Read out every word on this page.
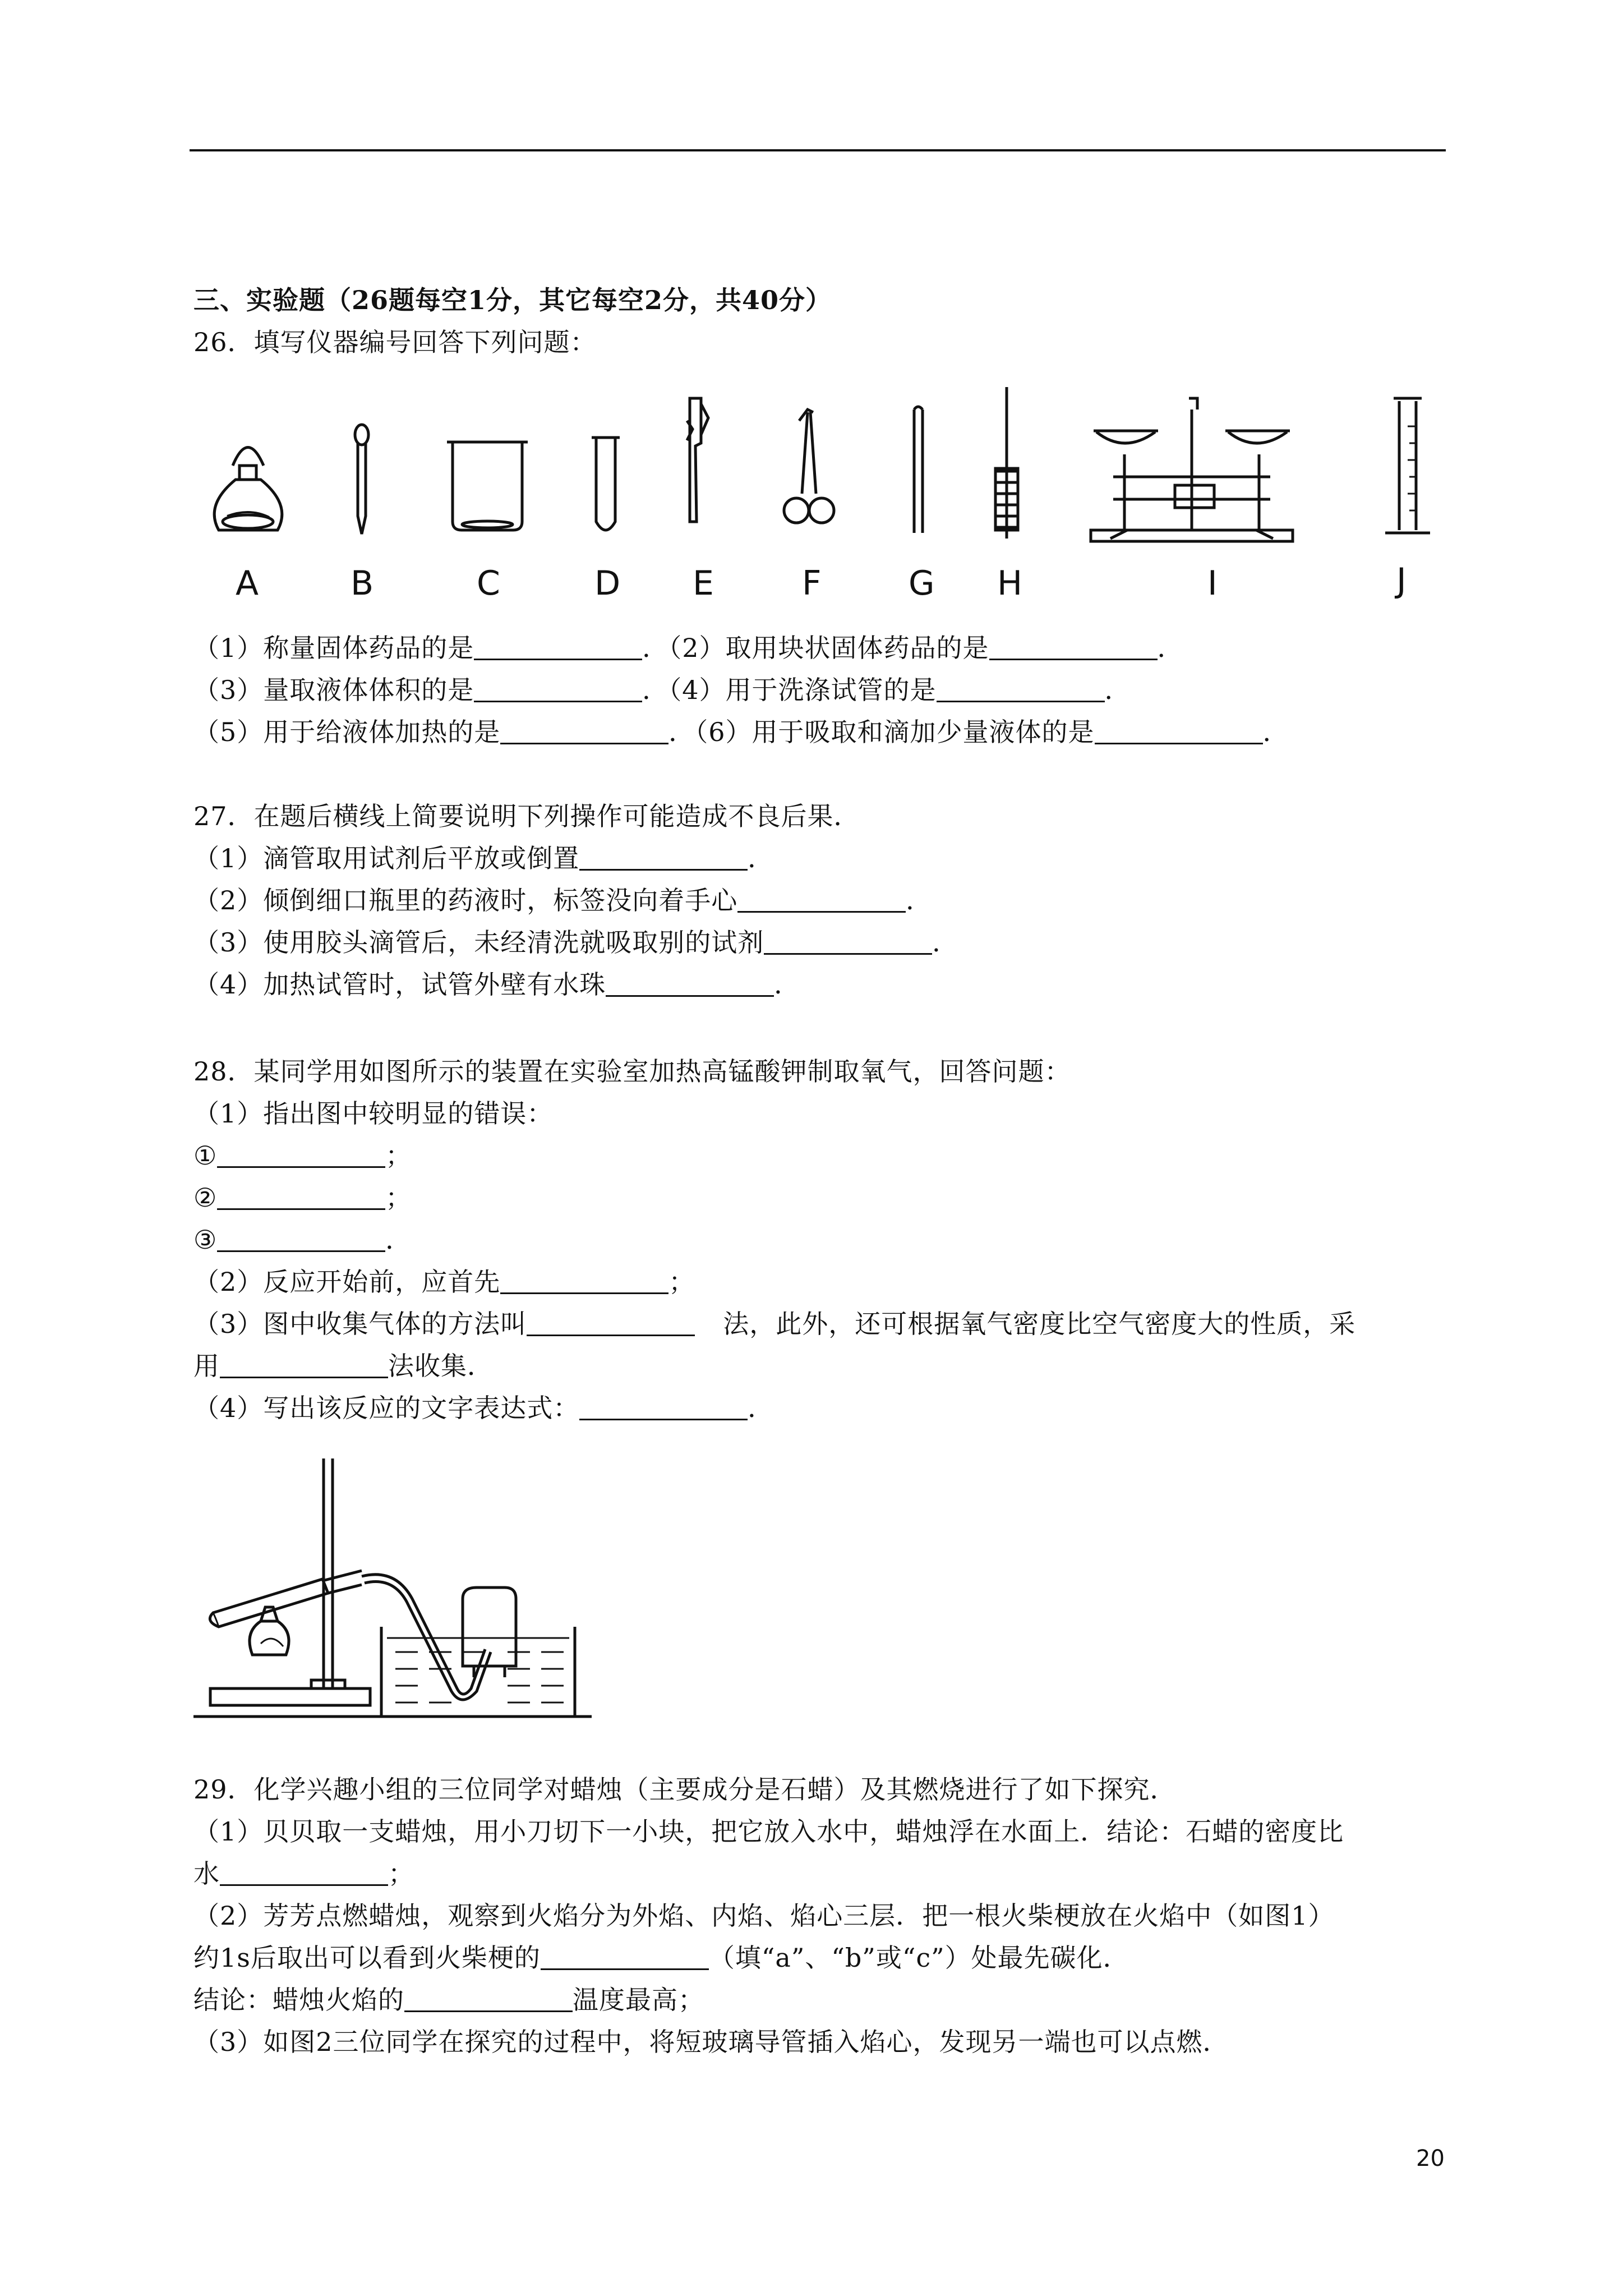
三、实验题（26题每空1分，其它每空2分，共40分）
26．填写仪器编号回答下列问题：
A	B	C	D E	F	G H	I	J
（1）称量固体药品的是	．（2）取用块状固体药品的是	．
（3）量取液体体积的是	．（4）用于洗涤试管的是	．
（5）用于给液体加热的是	．（6）用于吸取和滴加少量液体的是	．
27．在题后横线上简要说明下列操作可能造成不良后果．
（1）滴管取用试剂后平放或倒置	．
（2）倾倒细口瓶里的药液时，标签没向着手心	．
（3）使用胶头滴管后，未经清洗就吸取别的试剂	．
（4）加热试管时，试管外壁有水珠	．
28．某同学用如图所示的装置在实验室加热高锰酸钾制取氧气，回答问题：
（1）指出图中较明显的错误：
①	；
②	；
③	．
（2）反应开始前，应首先	；
（3）图中收集气体的方法叫	法，此外，还可根据氧气密度比空气密度大的性质，采
用	法收集．
（4）写出该反应的文字表达式：	．
29．化学兴趣小组的三位同学对蜡烛（主要成分是石蜡）及其燃烧进行了如下探究．
（1）贝贝取一支蜡烛，用小刀切下一小块，把它放入水中，蜡烛浮在水面上．结论：石蜡的密度比
水	；
（2）芳芳点燃蜡烛，观察到火焰分为外焰、内焰、焰心三层．把一根火柴梗放在火焰中（如图1）
约1s后取出可以看到火柴梗的	（填“a”、“b”或“c”）处最先碳化．
结论：蜡烛火焰的	温度最高；
（3）如图2三位同学在探究的过程中，将短玻璃导管插入焰心，发现另一端也可以点燃．
20
